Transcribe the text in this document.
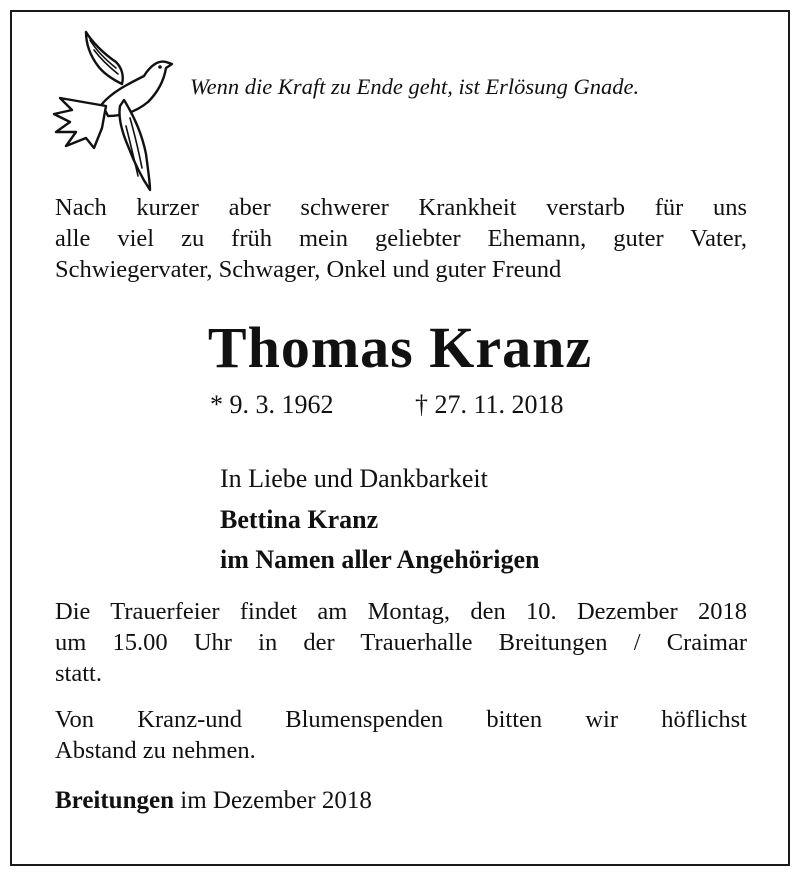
Wenn die Kraft zu Ende geht, ist Erlösung Gnade.
Nach kurzer aber schwerer Krankheit verstarb für uns
alle viel zu früh mein geliebter Ehemann, guter Vater,
Schwiegervater, Schwager, Onkel und guter Freund
Thomas Kranz
* 9. 3. 1962	† 27. 11. 2018
In Liebe und Dankbarkeit
Bettina Kranz
im Namen aller Angehörigen
Die Trauerfeier findet am Montag, den 10. Dezember 2018
um 15.00 Uhr in der Trauerhalle Breitungen / Craimar
statt.
Von Kranz-und Blumenspenden bitten wir höflichst
Abstand zu nehmen.
Breitungen im Dezember 2018
